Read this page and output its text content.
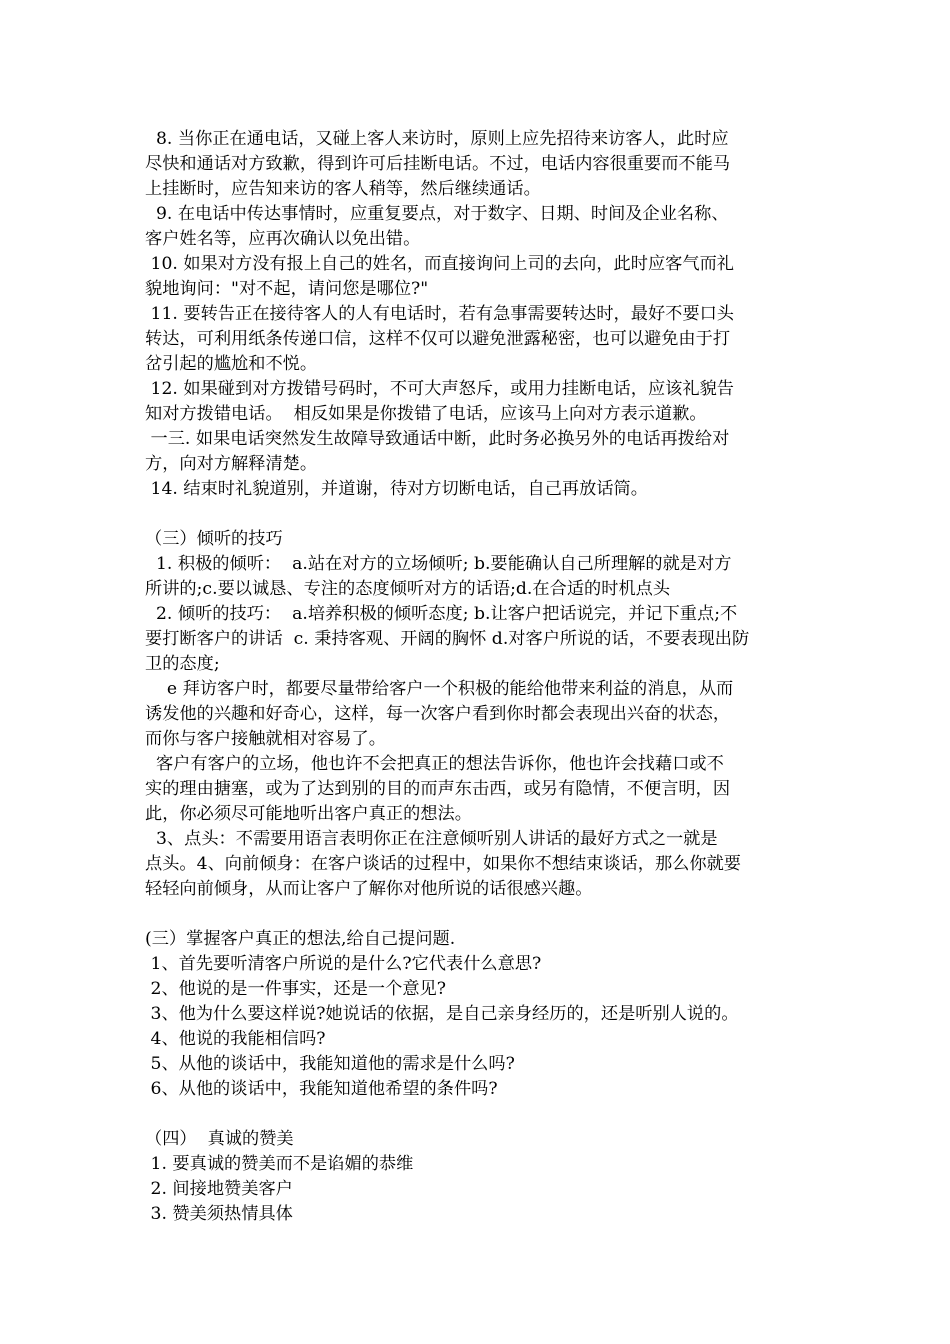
8. 当你正在通电话，又碰上客人来访时，原则上应先招待来访客人，此时应
尽快和通话对方致歉，得到许可后挂断电话。不过，电话内容很重要而不能马
上挂断时，应告知来访的客人稍等，然后继续通话。
9. 在电话中传达事情时，应重复要点，对于数字、日期、时间及企业名称、
客户姓名等，应再次确认以免出错。
10. 如果对方没有报上自己的姓名，而直接询问上司的去向，此时应客气而礼
貌地询问："对不起，请问您是哪位?"
11. 要转告正在接待客人的人有电话时，若有急事需要转达时，最好不要口头
转达，可利用纸条传递口信，这样不仅可以避免泄露秘密，也可以避免由于打
岔引起的尴尬和不悦。
12. 如果碰到对方拨错号码时，不可大声怒斥，或用力挂断电话，应该礼貌告
知对方拨错电话。  相反如果是你拨错了电话，应该马上向对方表示道歉。
一三. 如果电话突然发生故障导致通话中断，此时务必换另外的电话再拨给对
方，向对方解释清楚。
14. 结束时礼貌道别，并道谢，待对方切断电话，自己再放话筒。
（三）倾听的技巧
1. 积极的倾听：  a.站在对方的立场倾听; b.要能确认自己所理解的就是对方
所讲的;c.要以诚恳、专注的态度倾听对方的话语;d.在合适的时机点头
2. 倾听的技巧：  a.培养积极的倾听态度; b.让客户把话说完，并记下重点;不
要打断客户的讲话  c. 秉持客观、开阔的胸怀 d.对客户所说的话，不要表现出防
卫的态度;
e 拜访客户时，都要尽量带给客户一个积极的能给他带来利益的消息，从而
诱发他的兴趣和好奇心，这样，每一次客户看到你时都会表现出兴奋的状态，
而你与客户接触就相对容易了。
客户有客户的立场，他也许不会把真正的想法告诉你，他也许会找藉口或不
实的理由搪塞，或为了达到别的目的而声东击西，或另有隐情，不便言明，因
此，你必须尽可能地听出客户真正的想法。
3、点头：不需要用语言表明你正在注意倾听别人讲话的最好方式之一就是
点头。4、向前倾身：在客户谈话的过程中，如果你不想结束谈话，那么你就要
轻轻向前倾身，从而让客户了解你对他所说的话很感兴趣。
(三）掌握客户真正的想法,给自己提问题.
1、首先要听清客户所说的是什么?它代表什么意思?
2、他说的是一件事实，还是一个意见?
3、他为什么要这样说?她说话的依据，是自己亲身经历的，还是听别人说的。
4、他说的我能相信吗?
5、从他的谈话中，我能知道他的需求是什么吗?
6、从他的谈话中，我能知道他希望的条件吗?
（四）  真诚的赞美
1. 要真诚的赞美而不是谄媚的恭维
2. 间接地赞美客户
3. 赞美须热情具体
